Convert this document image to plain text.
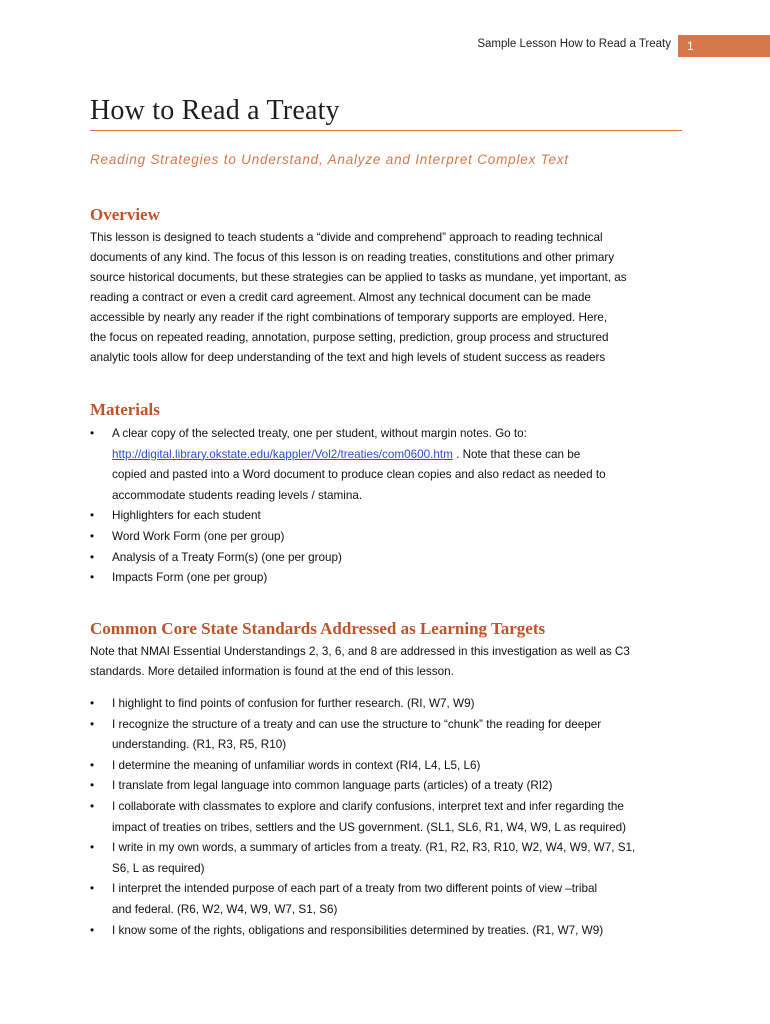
Sample Lesson How to Read a Treaty	1
How to Read a Treaty
Reading Strategies to Understand, Analyze and Interpret Complex Text
Overview
This lesson is designed to teach students a “divide and comprehend” approach to reading technical
documents of any kind. The focus of this lesson is on reading treaties, constitutions and other primary
source historical documents, but these strategies can be applied to tasks as mundane, yet important, as
reading a contract or even a credit card agreement. Almost any technical document can be made
accessible by nearly any reader if the right combinations of temporary supports are employed. Here,
the focus on repeated reading, annotation, purpose setting, prediction, group process and structured
analytic tools allow for deep understanding of the text and high levels of student success as readers
Materials
• A clear copy of the selected treaty, one per student, without margin notes. Go to:
http://digital.library.okstate.edu/kappler/Vol2/treaties/com0600.htm . Note that these can be
copied and pasted into a Word document to produce clean copies and also redact as needed to
accommodate students reading levels / stamina.
• Highlighters for each student
• Word Work Form (one per group)
• Analysis of a Treaty Form(s) (one per group)
• Impacts Form (one per group)
Common Core State Standards Addressed as Learning Targets
Note that NMAI Essential Understandings 2, 3, 6, and 8 are addressed in this investigation as well as C3
standards. More detailed information is found at the end of this lesson.
• I highlight to find points of confusion for further research. (RI, W7, W9)
• I recognize the structure of a treaty and can use the structure to “chunk” the reading for deeper
understanding. (R1, R3, R5, R10)
• I determine the meaning of unfamiliar words in context (RI4, L4, L5, L6)
• I translate from legal language into common language parts (articles) of a treaty (RI2)
• I collaborate with classmates to explore and clarify confusions, interpret text and infer regarding the
impact of treaties on tribes, settlers and the US government. (SL1, SL6, R1, W4, W9, L as required)
• I write in my own words, a summary of articles from a treaty. (R1, R2, R3, R10, W2, W4, W9, W7, S1,
S6, L as required)
• I interpret the intended purpose of each part of a treaty from two different points of view –tribal
and federal. (R6, W2, W4, W9, W7, S1, S6)
• I know some of the rights, obligations and responsibilities determined by treaties. (R1, W7, W9)
